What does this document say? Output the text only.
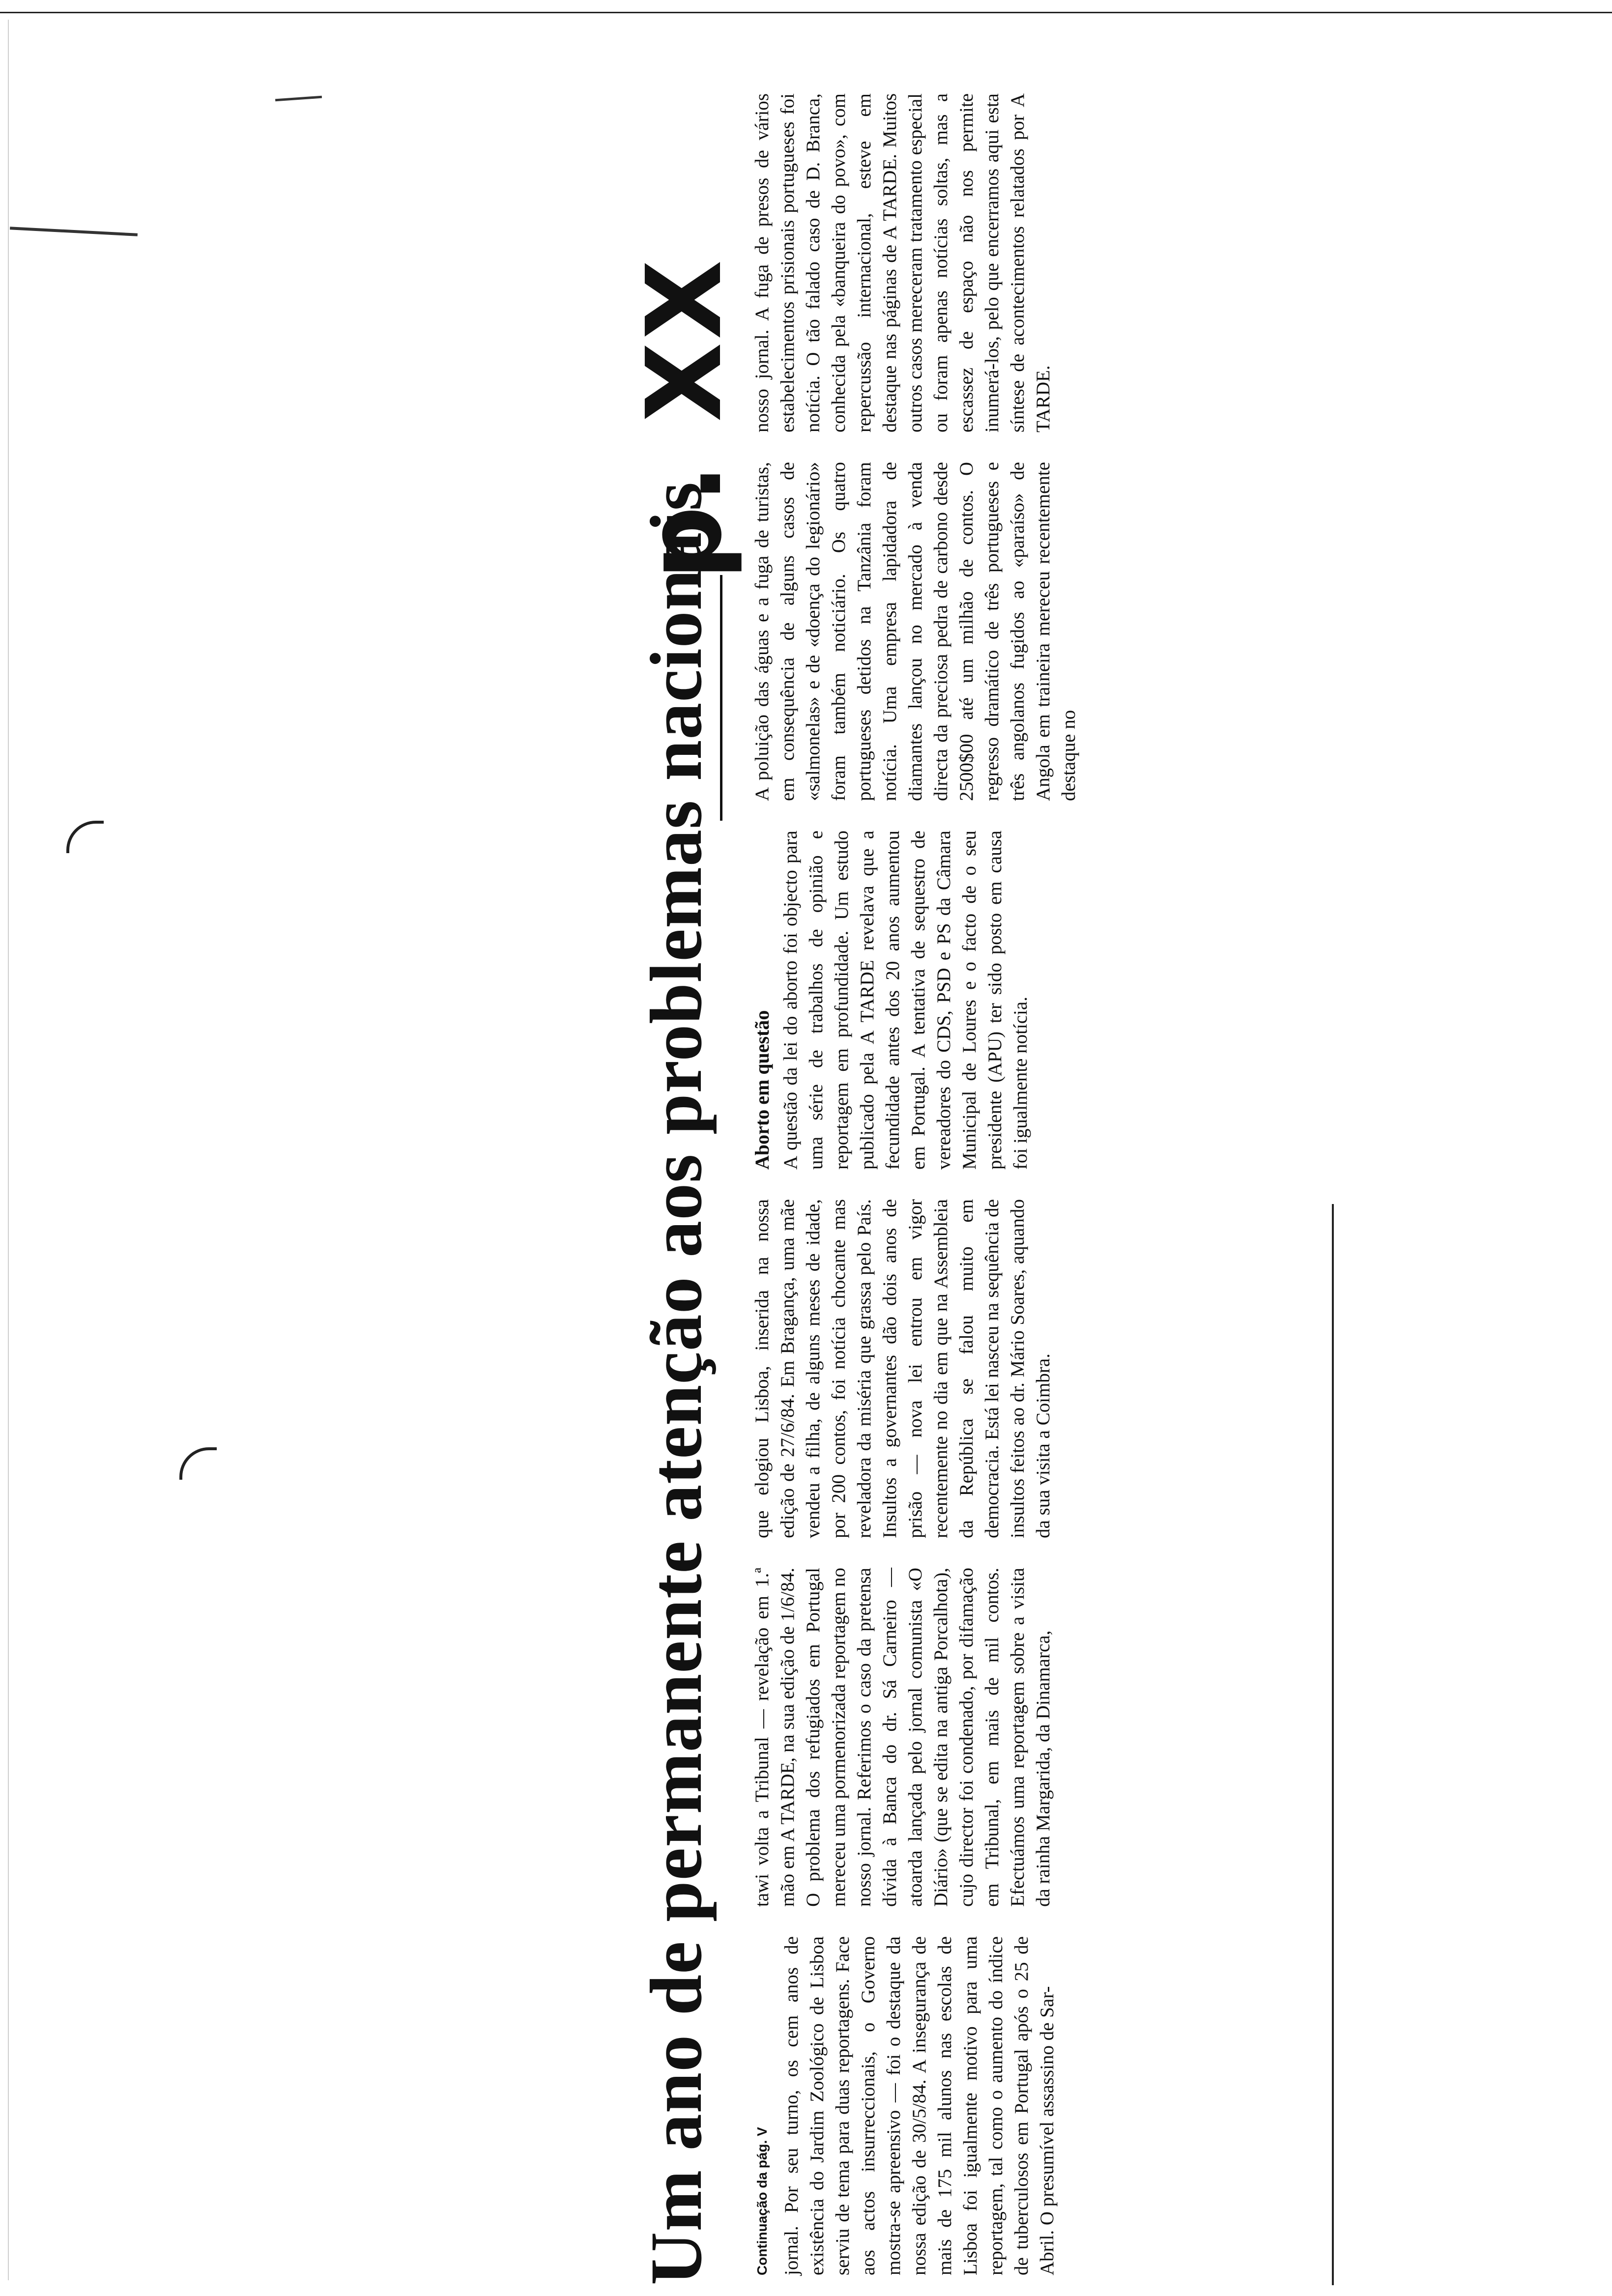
Um ano de permanente atenção aos problemas nacionais
p. XX
Continuação da pág. V jornal. Por seu turno, os cem anos de existência do Jardim Zoológico de Lisboa serviu de tema para duas reportagens. Face aos actos insurreccionais, o Governo mostra-se apreensivo — foi o destaque da nossa edição de 30/5/84. A insegurança de mais de 175 mil alunos nas escolas de Lisboa foi igualmente motivo para uma reportagem, tal como o aumento do índice de tuberculosos em Portugal após o 25 de Abril. O presumível assassino de Sar-

tawi volta a Tribunal — revelação em 1.ª mão em A TARDE, na sua edição de 1/6/84. O problema dos refugiados em Portugal mereceu uma pormenorizada reportagem no nosso jornal. Referimos o caso da pretensa dívida à Banca do dr. Sá Carneiro — atoarda lançada pelo jornal comunista «O Diário» (que se edita na antiga Porcalhota), cujo director foi condenado, por difamação em Tribunal, em mais de mil contos. Efectuámos uma reportagem sobre a visita da rainha Margarida, da Dinamarca,

que elogiou Lisboa, inserida na nossa edição de 27/6/84. Em Bragança, uma mãe vendeu a filha, de alguns meses de idade, por 200 contos, foi notícia chocante mas reveladora da miséria que grassa pelo País. Insultos a governantes dão dois anos de prisão — nova lei entrou em vigor recentemente no dia em que na Assembleia da República se falou muito em democracia. Está lei nasceu na sequência de insultos feitos ao dr. Mário Soares, aquando da sua visita a Coimbra.

Aborto em questão A questão da lei do aborto foi objecto para uma série de trabalhos de opinião e reportagem em profundidade. Um estudo publicado pela A TARDE revelava que a fecundidade antes dos 20 anos aumentou em Portugal. A tentativa de sequestro de vereadores do CDS, PSD e PS da Câmara Municipal de Loures e o facto de o seu presidente (APU) ter sido posto em causa foi igualmente notícia.

A poluição das águas e a fuga de turistas, em consequência de alguns casos de «salmonelas» e de «doença do legionário» foram também noticiário. Os quatro portugueses detidos na Tanzânia foram notícia. Uma empresa lapidadora de diamantes lançou no mercado à venda directa da preciosa pedra de carbono desde 2500$00 até um milhão de contos. O regresso dramático de três portugueses e três angolanos fugidos ao «paraíso» de Angola em traineira mereceu recentemente destaque no

nosso jornal. A fuga de presos de vários estabelecimentos prisionais portugueses foi notícia. O tão falado caso de D. Branca, conhecida pela «banqueira do povo», com repercussão internacional, esteve em destaque nas páginas de A TARDE. Muitos outros casos mereceram tratamento especial ou foram apenas notícias soltas, mas a escassez de espaço não nos permite inumerá-los, pelo que encerramos aqui esta síntese de acontecimentos relatados por A TARDE.
